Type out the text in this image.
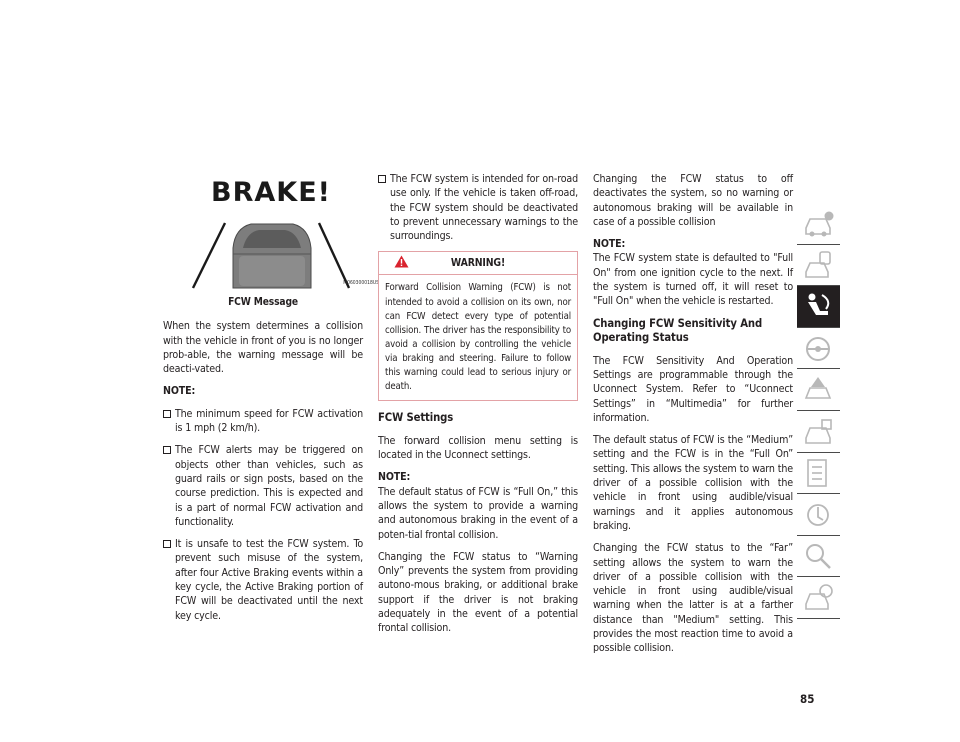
BRAKE!
M060300018US
FCW Message

When the system determines a collision with the vehicle in front of you is no longer prob-able, the warning message will be deacti-vated.

NOTE:

The minimum speed for FCW activation is 1 mph (2 km/h).
The FCW alerts may be triggered on objects other than vehicles, such as guard rails or sign posts, based on the course prediction. This is expected and is a part of normal FCW activation and functionality.
It is unsafe to test the FCW system. To prevent such misuse of the system, after four Active Braking events within a key cycle, the Active Braking portion of FCW will be deactivated until the next key cycle.
The FCW system is intended for on-road use only. If the vehicle is taken off-road, the FCW system should be deactivated to prevent unnecessary warnings to the surroundings.
WARNING!
Forward Collision Warning (FCW) is not intended to avoid a collision on its own, nor can FCW detect every type of potential collision. The driver has the responsibility to avoid a collision by controlling the vehicle via braking and steering. Failure to follow this warning could lead to serious injury or death.
FCW Settings

The forward collision menu setting is located in the Uconnect settings.

NOTE:
The default status of FCW is “Full On,” this allows the system to provide a warning and autonomous braking in the event of a poten-tial frontal collision.

Changing the FCW status to “Warning Only” prevents the system from providing autono-mous braking, or additional brake support if the driver is not braking adequately in the event of a potential frontal collision.

Changing the FCW status to off deactivates the system, so no warning or autonomous braking will be available in case of a possible collision

NOTE:
The FCW system state is defaulted to "Full On" from one ignition cycle to the next. If the system is turned off, it will reset to "Full On" when the vehicle is restarted.
Changing FCW Sensitivity And Operating Status

The FCW Sensitivity And Operation Settings are programmable through the Uconnect System. Refer to “Uconnect Settings” in “Multimedia” for further information.

The default status of FCW is the “Medium” setting and the FCW is in the “Full On” setting. This allows the system to warn the driver of a possible collision with the vehicle in front using audible/visual warnings and it applies autonomous braking.

Changing the FCW status to the “Far” setting allows the system to warn the driver of a possible collision with the vehicle in front using audible/visual warning when the latter is at a farther distance than "Medium" setting. This provides the most reaction time to avoid a possible collision.

85
